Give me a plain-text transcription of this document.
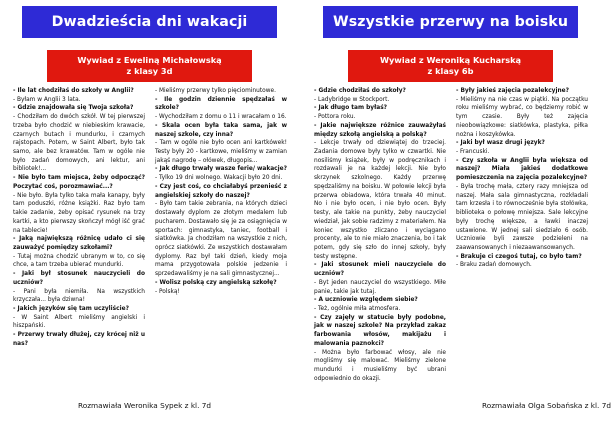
Dwadzieścia dni wakacji
Wywiad z Eweliną Michałowską
z klasy 3d

- Ile lat chodziłaś do szkoły w Anglii?

- Byłam w Anglii 3 lata.

- Gdzie znajdowała się Twoja szkoła?

- Chodziłam do dwóch szkół. W tej pierwszej trzeba było chodzić w niebieskim krawacie, czarnych butach i mundurku, i czarnych rajstopach. Potem, w Saint Albert, było tak samo, ale bez krawatów. Tam w ogóle nie było zadań domowych, ani lektur, ani bibliotek!...

- Nie było tam miejsca, żeby odpocząć? Poczytać coś, porozmawiać...?

- Nie było. Była tylko taka mała kanapy, były tam poduszki, różne książki. Raz było tam takie zadanie, żeby opisać rysunek na trzy kartki, a kto pierwszy skończył mógł iść grać na tablecie!

- Jaką największą różnicę udało ci się zauważyć pomiędzy szkołami?

- Tutaj można chodzić ubranym w to, co się chce, a tam trzeba ubierać mundurki.

- Jaki był stosunek nauczycieli do uczniów?

- Pani była niemiła. Na wszystkich krzyczała... była dziwna!

- Jakich języków się tam uczyliście?

- W Saint Albert mieliśmy angielski i hiszpański.

- Przerwy trwały dłużej, czy krócej niż u nas?

- Mieliśmy przerwy tylko pięciominutowe.

- Ile godzin dziennie spędzałaś w szkole?

- Wychodziłam z domu o 11 i wracałam o 16.

- Skala ocen była taka sama, jak w naszej szkole, czy inna?

- Tam w ogóle nie było ocen ani kartkówek! Testy były 20 - kartkowe, mieliśmy w zamian jakąś nagrodę – ołówek, długopis...

- Jak długo trwały wasze ferie/ wakacje?

- Tylko 19 dni wolnego. Wakacji było 20 dni.

- Czy jest coś, co chciałabyś przenieść z angielskiej szkoły do naszej?

- Było tam takie zebrania, na których dzieci dostawały dyplom ze złotym medalem lub pucharem. Dostawało się je za osiągnięcia w sportach: gimnastyka, taniec, football i siatkówka. Ja chodziłam na wszystkie z nich, oprócz siatkówki. Ze wszystkich dostawałam dyplomy. Raz był taki dzień, kiedy moja mama przygotowała polskie jedzenie i sprzedawaliśmy je na sali gimnastycznej...

- Wolisz polską czy angielską szkołę?

- Polską!

Rozmawiała Weronika Sypek z kl. 7d
Wszystkie przerwy na boisku
Wywiad z Weroniką Kucharską
z klasy 6b

- Gdzie chodziłaś do szkoły?

- Ladybridge w Stockport.

- Jak długo tam byłaś?

- Pottora roku.

- Jakie największe różnice zauważyłaś między szkołą angielską a polską?

- Lekcje trwały od dziewiątej do trzeciej. Zadania domowe były tylko w czwartki. Nie nosiliśmy książek, były w podręcznikach i rozdawali je na każdej lekcji. Nie było skrzynek szkolnego. Każdy przerwę spędzaliśmy na boisku. W połowie lekcji była przerwa obiadowa, która trwała 40 minut. No i nie było ocen, i nie było ocen. Były testy, ale takie na punkty, żeby nauczyciel wiedział, jak sobie radzimy z materiałem. Na koniec wszystko zliczano i wyciągano procenty, ale to nie miało znaczenia, bo i tak potem, gdy się szło do innej szkoły, były testy wstępne.

- Jaki stosunek mieli nauczyciele do uczniów?

- Byt jeden nauczyciel do wszystkiego. Miłe panie, takie jak tutaj.

- A uczniowie względem siebie?

- Też, ogólnie miła atmosfera.

- Czy zajęły w statucie były podobne, jak w naszej szkole? Na przykład zakaz farbowania włosów, makijażu i malowania paznokci?

- Można było farbować włosy, ale nie mogliśmy się malować. Mieliśmy zielone mundurki i musieliśmy być ubrani odpowiednio do okazji.

- Były jakieś zajęcia pozalekcyjne?

- Mieliśmy na nie czas w piątki. Na początku roku mieliśmy wybrać, co będziemy robić w tym czasie. Były też zajęcia nieobowiązkowe: siatkówka, plastyka, piłka nożna i koszykówka.

- Jaki był wasz drugi język?

- Francuski.

- Czy szkoła w Anglii była większa od naszej? Miała jakieś dodatkowe pomieszczenia na zajęcia pozalekcyjne?

- Była trochę mała, cztery razy mniejsza od naszej. Mała sala gimnastyczna, rozkładali tam krzesła i to równocześnie była stołówka, biblioteka o połowę mniejsza. Sale lekcyjne były trochę większe, a ławki inaczej ustawione. W jednej sali siedziało 6 osób. Uczniowie byli zawsze podzieleni na zaawansowanych i niezaawansowanych.

- Brakuje ci czegoś tutaj, co było tam?

- Braku zadań domowych.

Rozmawiała Olga Sobańska z kl. 7d
